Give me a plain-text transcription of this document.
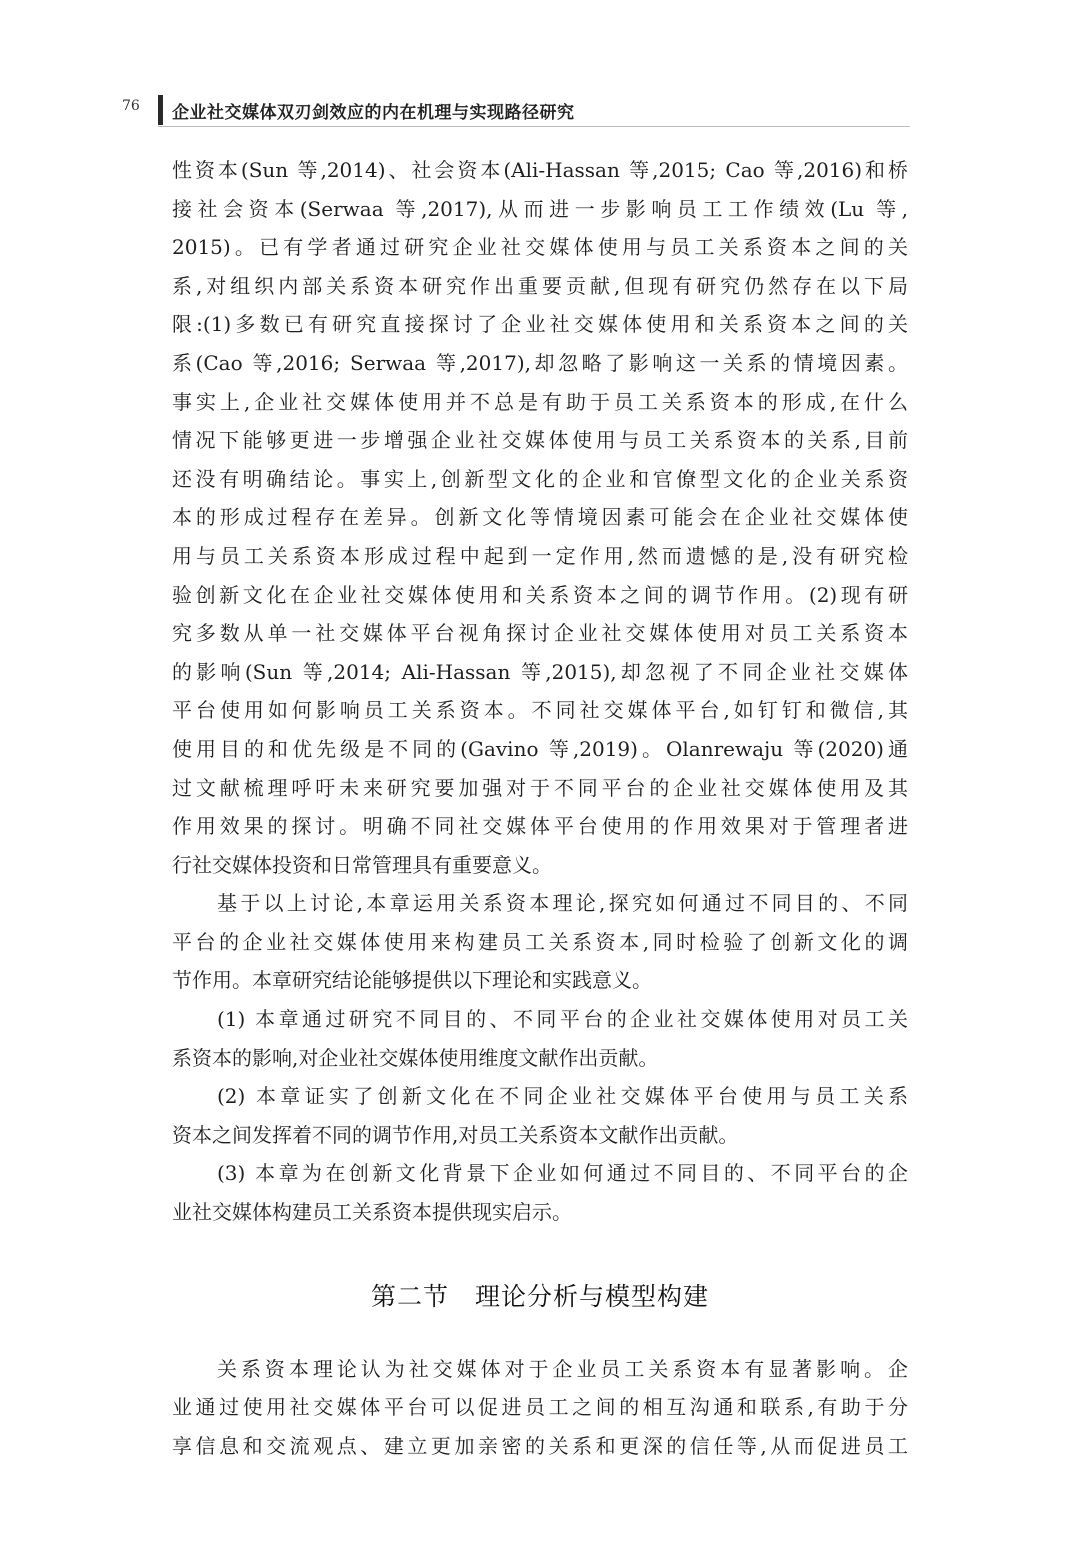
76 企业社交媒体双刃剑效应的内在机理与实现路径研究
性资本(Sun 等,2014)、社会资本(Ali-Hassan 等,2015; Cao 等,2016)和桥
接社会资本(Serwaa 等,2017),从而进一步影响员工工作绩效(Lu 等,
2015)。已有学者通过研究企业社交媒体使用与员工关系资本之间的关
系,对组织内部关系资本研究作出重要贡献,但现有研究仍然存在以下局
限:(1)多数已有研究直接探讨了企业社交媒体使用和关系资本之间的关
系(Cao 等,2016; Serwaa 等,2017),却忽略了影响这一关系的情境因素。
事实上,企业社交媒体使用并不总是有助于员工关系资本的形成,在什么
情况下能够更进一步增强企业社交媒体使用与员工关系资本的关系,目前
还没有明确结论。事实上,创新型文化的企业和官僚型文化的企业关系资
本的形成过程存在差异。创新文化等情境因素可能会在企业社交媒体使
用与员工关系资本形成过程中起到一定作用,然而遗憾的是,没有研究检
验创新文化在企业社交媒体使用和关系资本之间的调节作用。(2)现有研
究多数从单一社交媒体平台视角探讨企业社交媒体使用对员工关系资本
的影响(Sun 等,2014; Ali-Hassan 等,2015),却忽视了不同企业社交媒体
平台使用如何影响员工关系资本。不同社交媒体平台,如钉钉和微信,其
使用目的和优先级是不同的(Gavino 等,2019)。Olanrewaju 等(2020)通
过文献梳理呼吁未来研究要加强对于不同平台的企业社交媒体使用及其
作用效果的探讨。明确不同社交媒体平台使用的作用效果对于管理者进
行社交媒体投资和日常管理具有重要意义。
基于以上讨论,本章运用关系资本理论,探究如何通过不同目的、不同
平台的企业社交媒体使用来构建员工关系资本,同时检验了创新文化的调
节作用。本章研究结论能够提供以下理论和实践意义。
(1) 本章通过研究不同目的、不同平台的企业社交媒体使用对员工关
系资本的影响,对企业社交媒体使用维度文献作出贡献。
(2) 本章证实了创新文化在不同企业社交媒体平台使用与员工关系
资本之间发挥着不同的调节作用,对员工关系资本文献作出贡献。
(3) 本章为在创新文化背景下企业如何通过不同目的、不同平台的企
业社交媒体构建员工关系资本提供现实启示。
第二节　理论分析与模型构建
关系资本理论认为社交媒体对于企业员工关系资本有显著影响。企
业通过使用社交媒体平台可以促进员工之间的相互沟通和联系,有助于分
享信息和交流观点、建立更加亲密的关系和更深的信任等,从而促进员工
